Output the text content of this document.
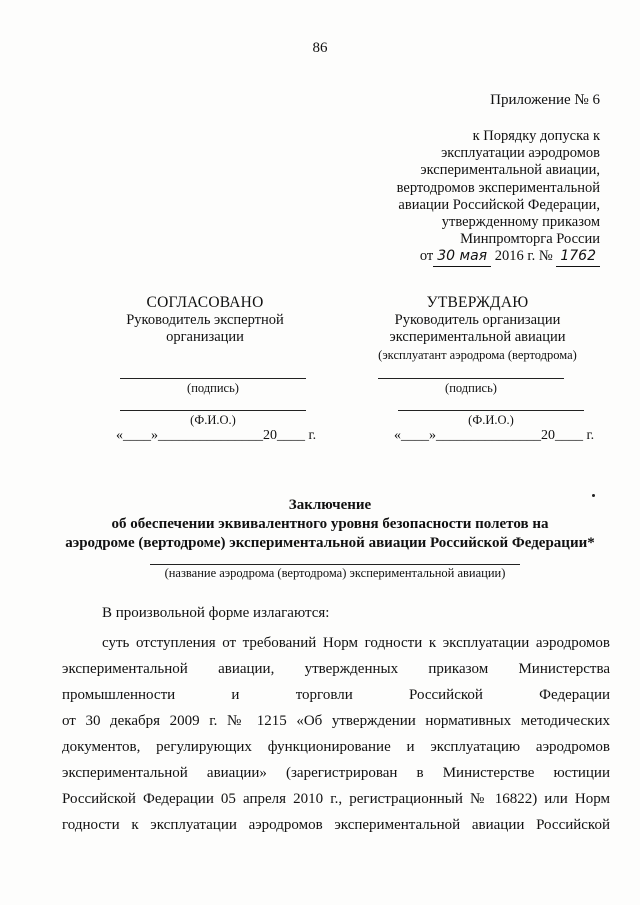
86
Приложение № 6
к Порядку допуска к
эксплуатации аэродромов
экспериментальной авиации,
вертодромов экспериментальной
авиации Российской Федерации,
утвержденному приказом
Минпромторга России
от 30 мая 2016 г. № 1762
СОГЛАСОВАНО
Руководитель экспертной
организации
(подпись)
(Ф.И.О.)
«____»_______________20____ г.
УТВЕРЖДАЮ
Руководитель организации
экспериментальной авиации
(эксплуатант аэродрома (вертодрома)
(подпись)
(Ф.И.О.)
«____»_______________20____ г.
Заключение
об обеспечении эквивалентного уровня безопасности полетов на
аэродроме (вертодроме) экспериментальной авиации Российской Федерации*
(название аэродрома (вертодрома) экспериментальной авиации)
В произвольной форме излагаются:
суть отступления от требований Норм годности к эксплуатации аэродромов
экспериментальной авиации, утвержденных приказом Министерства
промышленности и торговли Российской Федерации
от 30 декабря 2009 г. № 1215 «Об утверждении нормативных методических
документов, регулирующих функционирование и эксплуатацию аэродромов
экспериментальной авиации» (зарегистрирован в Министерстве юстиции
Российской Федерации 05 апреля 2010 г., регистрационный № 16822) или Норм
годности к эксплуатации аэродромов экспериментальной авиации Российской
